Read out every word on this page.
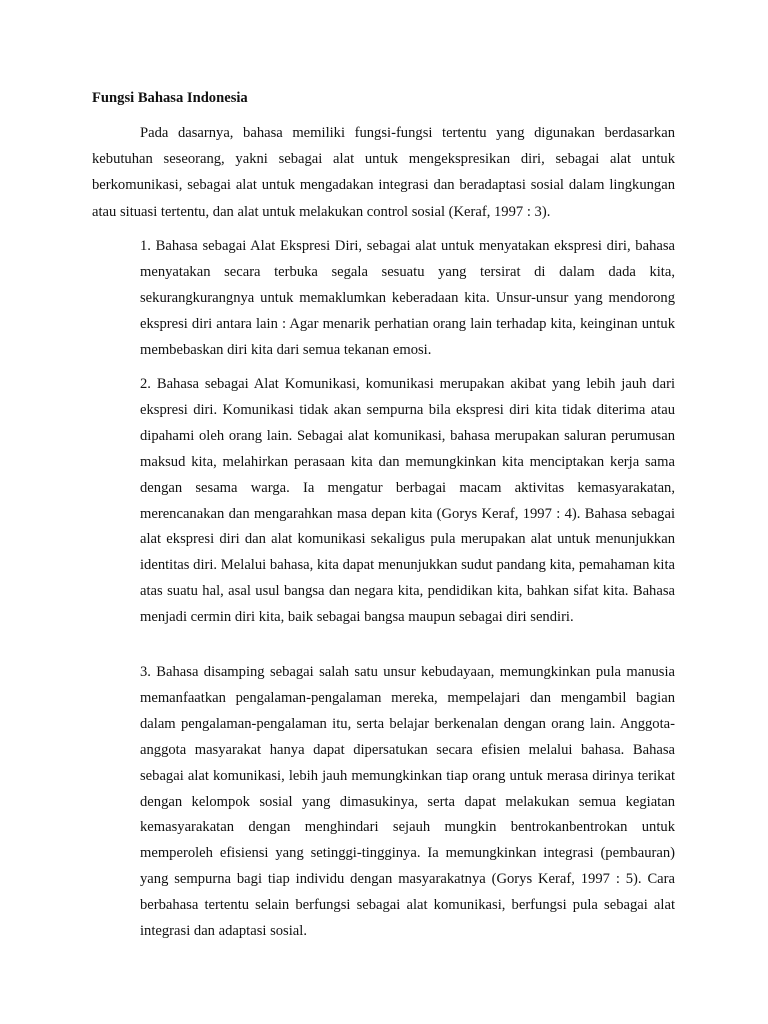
Fungsi Bahasa Indonesia

Pada dasarnya, bahasa memiliki fungsi-fungsi tertentu yang digunakan berdasarkan kebutuhan seseorang, yakni sebagai alat untuk mengekspresikan diri, sebagai alat untuk berkomunikasi, sebagai alat untuk mengadakan integrasi dan beradaptasi sosial dalam lingkungan atau situasi tertentu, dan alat untuk melakukan control sosial (Keraf, 1997 : 3).

1. Bahasa sebagai Alat Ekspresi Diri, sebagai alat untuk menyatakan ekspresi diri, bahasa menyatakan secara terbuka segala sesuatu yang tersirat di dalam dada kita, sekurangkurangnya untuk memaklumkan keberadaan kita. Unsur-unsur yang mendorong ekspresi diri antara lain : Agar menarik perhatian orang lain terhadap kita, keinginan untuk membebaskan diri kita dari semua tekanan emosi.

2. Bahasa sebagai Alat Komunikasi, komunikasi merupakan akibat yang lebih jauh dari ekspresi diri. Komunikasi tidak akan sempurna bila ekspresi diri kita tidak diterima atau dipahami oleh orang lain. Sebagai alat komunikasi, bahasa merupakan saluran perumusan maksud kita, melahirkan perasaan kita dan memungkinkan kita menciptakan kerja sama dengan sesama warga. Ia mengatur berbagai macam aktivitas kemasyarakatan, merencanakan dan mengarahkan masa depan kita (Gorys Keraf, 1997 : 4). Bahasa sebagai alat ekspresi diri dan alat komunikasi sekaligus pula merupakan alat untuk menunjukkan identitas diri. Melalui bahasa, kita dapat menunjukkan sudut pandang kita, pemahaman kita atas suatu hal, asal usul bangsa dan negara kita, pendidikan kita, bahkan sifat kita. Bahasa menjadi cermin diri kita, baik sebagai bangsa maupun sebagai diri sendiri.

3. Bahasa disamping sebagai salah satu unsur kebudayaan, memungkinkan pula manusia memanfaatkan pengalaman-pengalaman mereka, mempelajari dan mengambil bagian dalam pengalaman-pengalaman itu, serta belajar berkenalan dengan orang lain. Anggota-anggota masyarakat hanya dapat dipersatukan secara efisien melalui bahasa. Bahasa sebagai alat komunikasi, lebih jauh memungkinkan tiap orang untuk merasa dirinya terikat dengan kelompok sosial yang dimasukinya, serta dapat melakukan semua kegiatan kemasyarakatan dengan menghindari sejauh mungkin bentrokanbentrokan untuk memperoleh efisiensi yang setinggi-tingginya. Ia memungkinkan integrasi (pembauran) yang sempurna bagi tiap individu dengan masyarakatnya (Gorys Keraf, 1997 : 5). Cara berbahasa tertentu selain berfungsi sebagai alat komunikasi, berfungsi pula sebagai alat integrasi dan adaptasi sosial.
